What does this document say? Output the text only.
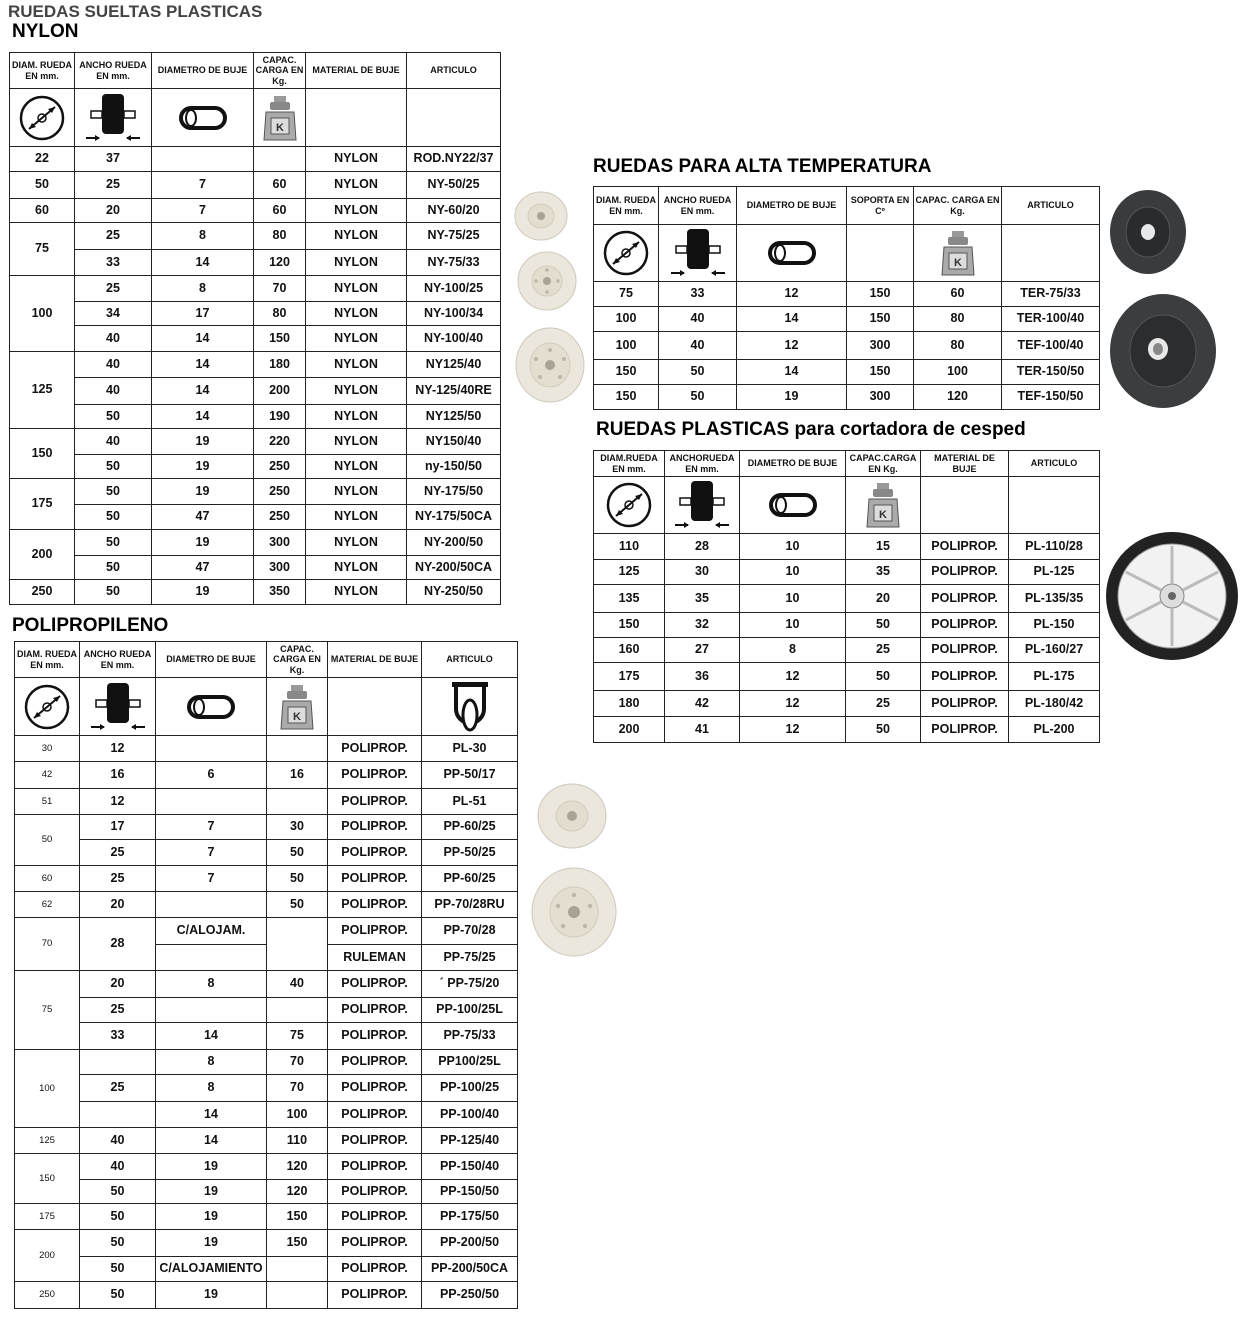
RUEDAS SUELTAS PLASTICAS
NYLON
POLIPROPILENO
RUEDAS PARA ALTA TEMPERATURA
RUEDAS PLASTICAS para cortadora de cesped
DIAM. RUEDA EN mm.	ANCHO RUEDA EN mm.	DIAMETRO DE BUJE	CAPAC. CARGA EN Kg.	MATERIAL DE BUJE	ARTICULO

K		

22	37			NYLON	ROD.NY22/37
50	25	7	60	NYLON	NY-50/25
60	20	7	60	NYLON	NY-60/20
75	25	8	80	NYLON	NY-75/25
	33	14	120	NYLON	NY-75/33
100	25	8	70	NYLON	NY-100/25
	34	17	80	NYLON	NY-100/34
	40	14	150	NYLON	NY-100/40
125	40	14	180	NYLON	NY125/40
	40	14	200	NYLON	NY-125/40RE
	50	14	190	NYLON	NY125/50
150	40	19	220	NYLON	NY150/40
	50	19	250	NYLON	ny-150/50
175	50	19	250	NYLON	NY-175/50
	50	47	250	NYLON	NY-175/50CA
200	50	19	300	NYLON	NY-200/50
	50	47	300	NYLON	NY-200/50CA
250	50	19	350	NYLON	NY-250/50
DIAM. RUEDA EN mm.	ANCHO RUEDA EN mm.	DIAMETRO DE BUJE	CAPAC. CARGA EN Kg.	MATERIAL DE BUJE	ARTICULO

K

30	12			POLIPROP.	PL-30
42	16	6	16	POLIPROP.	PP-50/17
51	12			POLIPROP.	PL-51
50	17	7	30	POLIPROP.	PP-60/25
	25	7	50	POLIPROP.	PP-50/25
60	25	7	50	POLIPROP.	PP-60/25
62	20		50	POLIPROP.	PP-70/28RU
70	28	C/ALOJAM.		POLIPROP.	PP-70/28
				RULEMAN	PP-75/25
75	20	8	40	POLIPROP.	´ PP-75/20
	25			POLIPROP.	PP-100/25L
	33	14	75	POLIPROP.	PP-75/33
100		8	70	POLIPROP.	PP100/25L
	25	8	70	POLIPROP.	PP-100/25
		14	100	POLIPROP.	PP-100/40
125	40	14	110	POLIPROP.	PP-125/40
150	40	19	120	POLIPROP.	PP-150/40
	50	19	120	POLIPROP.	PP-150/50
175	50	19	150	POLIPROP.	PP-175/50
200	50	19	150	POLIPROP.	PP-200/50
	50	C/ALOJAMIENTO		POLIPROP.	PP-200/50CA
250	50	19		POLIPROP.	PP-250/50
DIAM. RUEDA EN mm.	ANCHO RUEDA EN mm.	DIAMETRO DE BUJE	SOPORTA EN Cº	CAPAC. CARGA EN Kg.	ARTICULO

K	

75	33	12	150	60	TER-75/33
100	40	14	150	80	TER-100/40
100	40	12	300	80	TEF-100/40
150	50	14	150	100	TER-150/50
150	50	19	300	120	TEF-150/50
DIAM.RUEDA EN mm.	ANCHORUEDA EN mm.	DIAMETRO DE BUJE	CAPAC.CARGA EN Kg.	MATERIAL DE BUJE	ARTICULO

K		

110	28	10	15	POLIPROP.	PL-110/28
125	30	10	35	POLIPROP.	PL-125
135	35	10	20	POLIPROP.	PL-135/35
150	32	10	50	POLIPROP.	PL-150
160	27	8	25	POLIPROP.	PL-160/27
175	36	12	50	POLIPROP.	PL-175
180	42	12	25	POLIPROP.	PL-180/42
200	41	12	50	POLIPROP.	PL-200
